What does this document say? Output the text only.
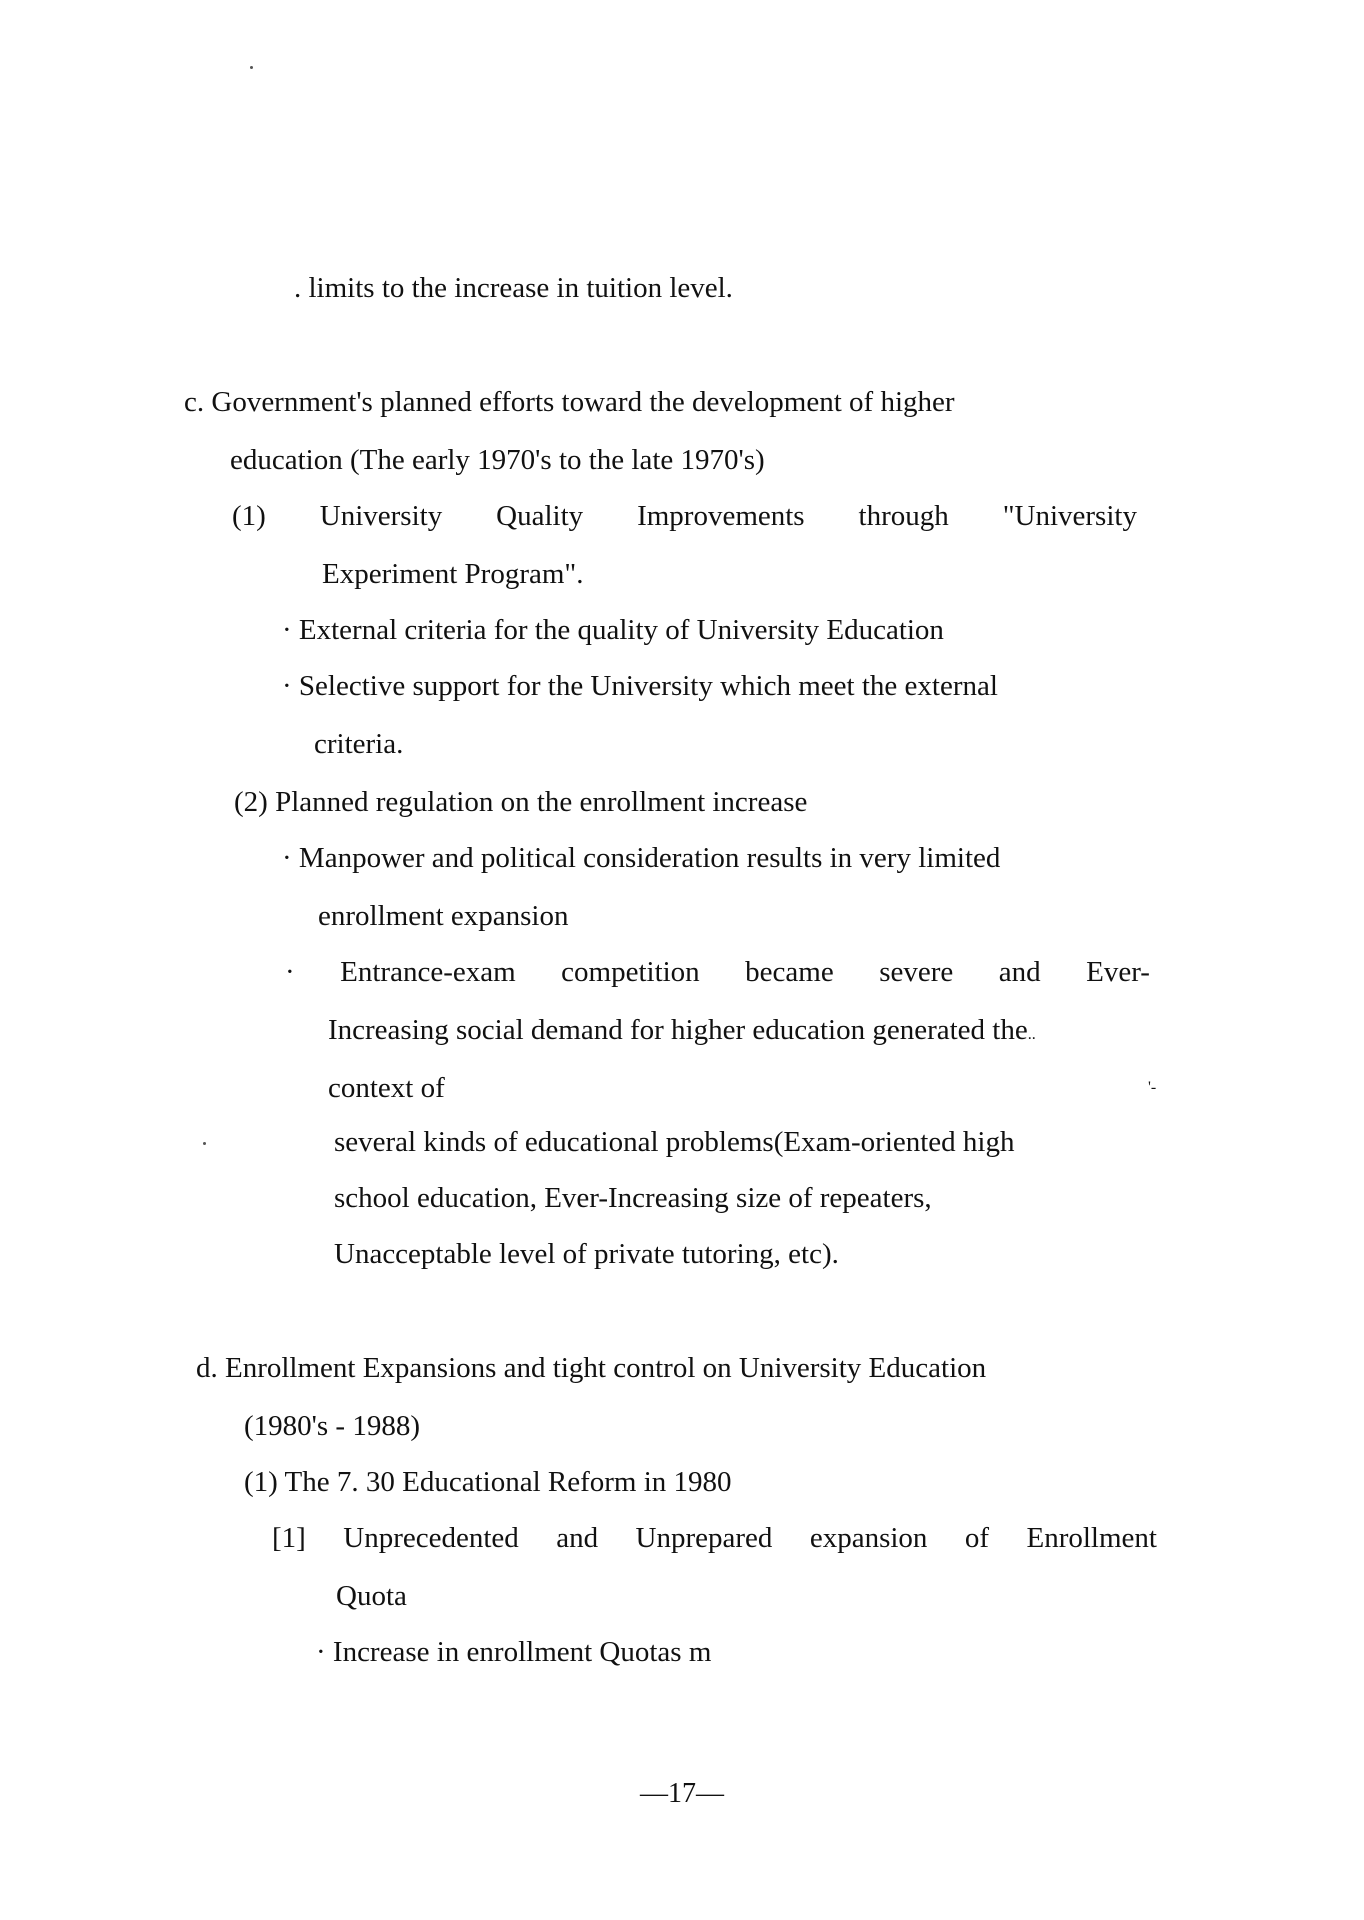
. limits to the increase in tuition level.
c. Government's planned efforts toward the development of higher
education (The early 1970's to the late 1970's)
(1) University Quality Improvements through "University
Experiment Program".
· External criteria for the quality of University Education
· Selective support for the University which meet the external
criteria.
(2) Planned regulation on the enrollment increase
· Manpower and political consideration results in very limited
enrollment expansion
· Entrance-exam competition became severe and Ever-
Increasing social demand for higher education generated the..
context of	'-
several kinds of educational problems(Exam-oriented high
school education, Ever-Increasing size of repeaters,
Unacceptable level of private tutoring, etc).
d. Enrollment Expansions and tight control on University Education
(1980's - 1988)
(1) The 7. 30 Educational Reform in 1980
[1] Unprecedented and Unprepared expansion of Enrollment
Quota
· Increase in enrollment Quotas m
—17—
